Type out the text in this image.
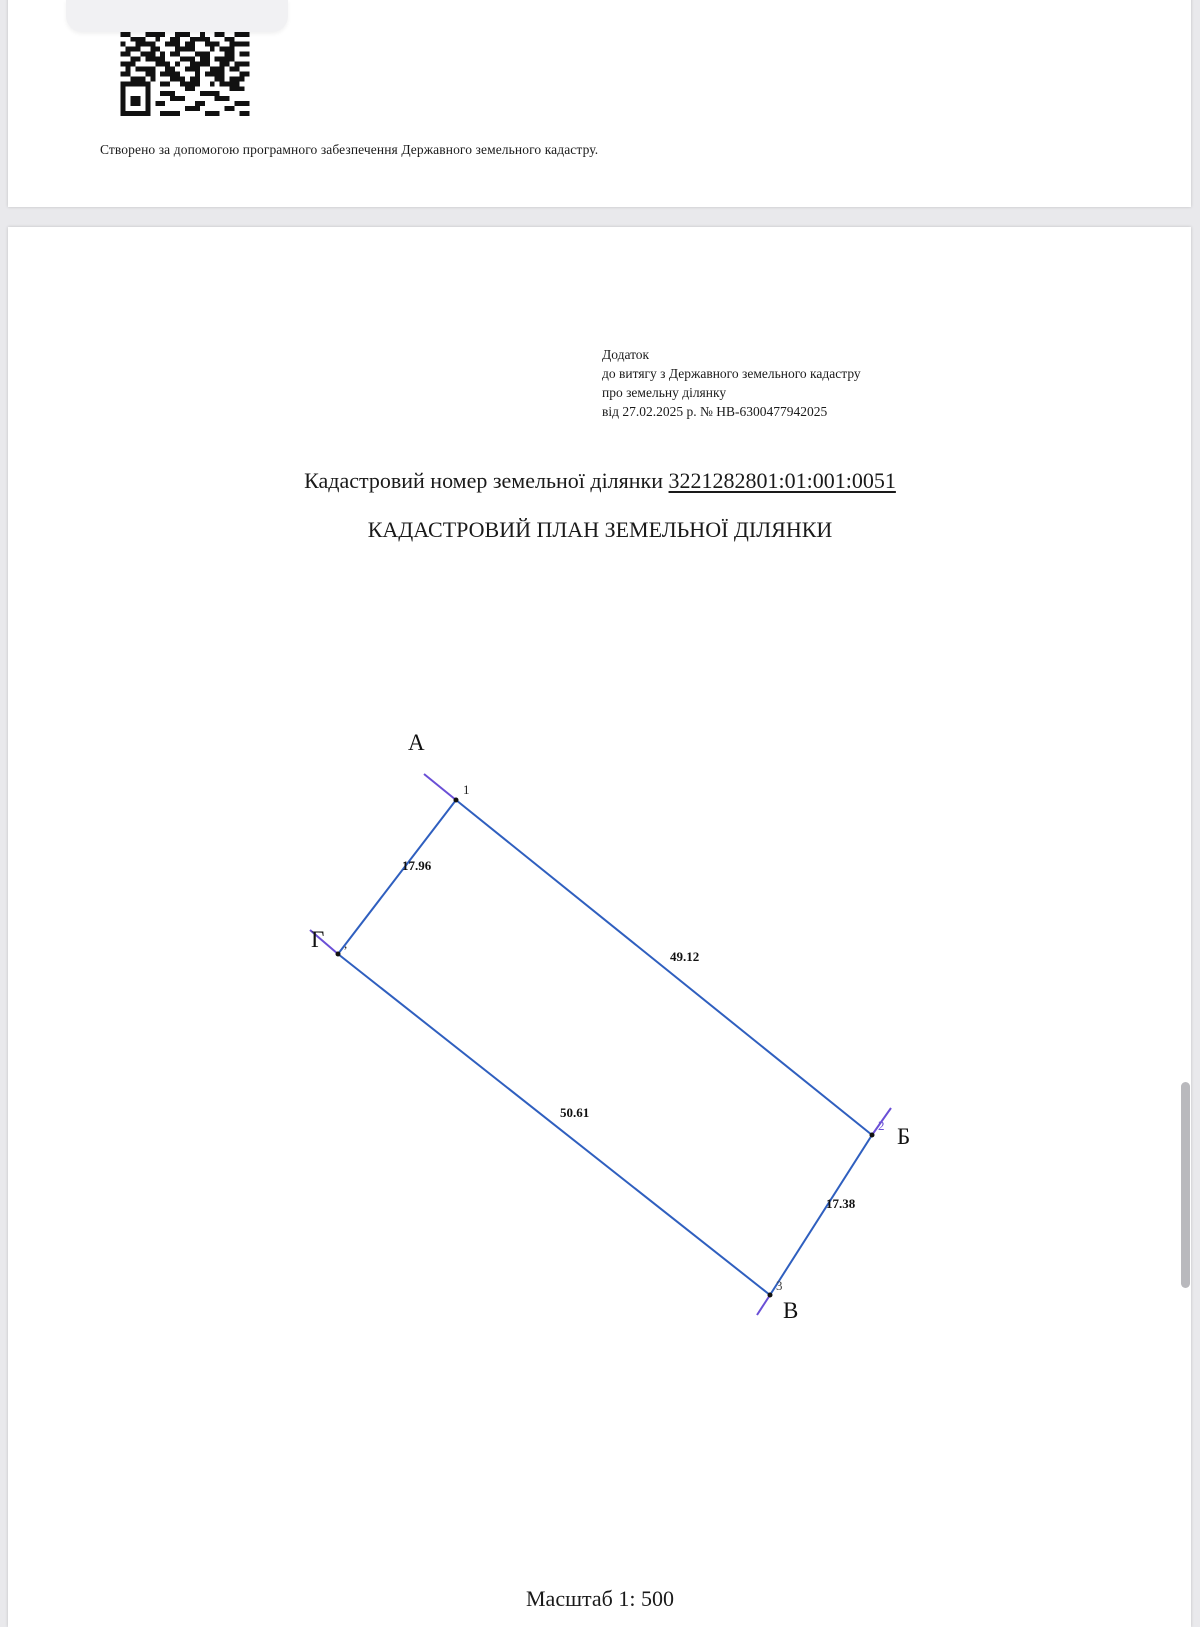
Створено за допомогою програмного забезпечення Державного земельного кадастру.
Додаток
до витягу з Державного земельного кадастру
про земельну ділянку
від 27.02.2025 р. № НВ-6300477942025
Кадастровий номер земельної ділянки 3221282801:01:001:0051
КАДАСТРОВИЙ ПЛАН ЗЕМЕЛЬНОЇ ДІЛЯНКИ
1
2
3
,
А
Б
В
Г
17.96
49.12
50.61
17.38
Масштаб 1: 500
